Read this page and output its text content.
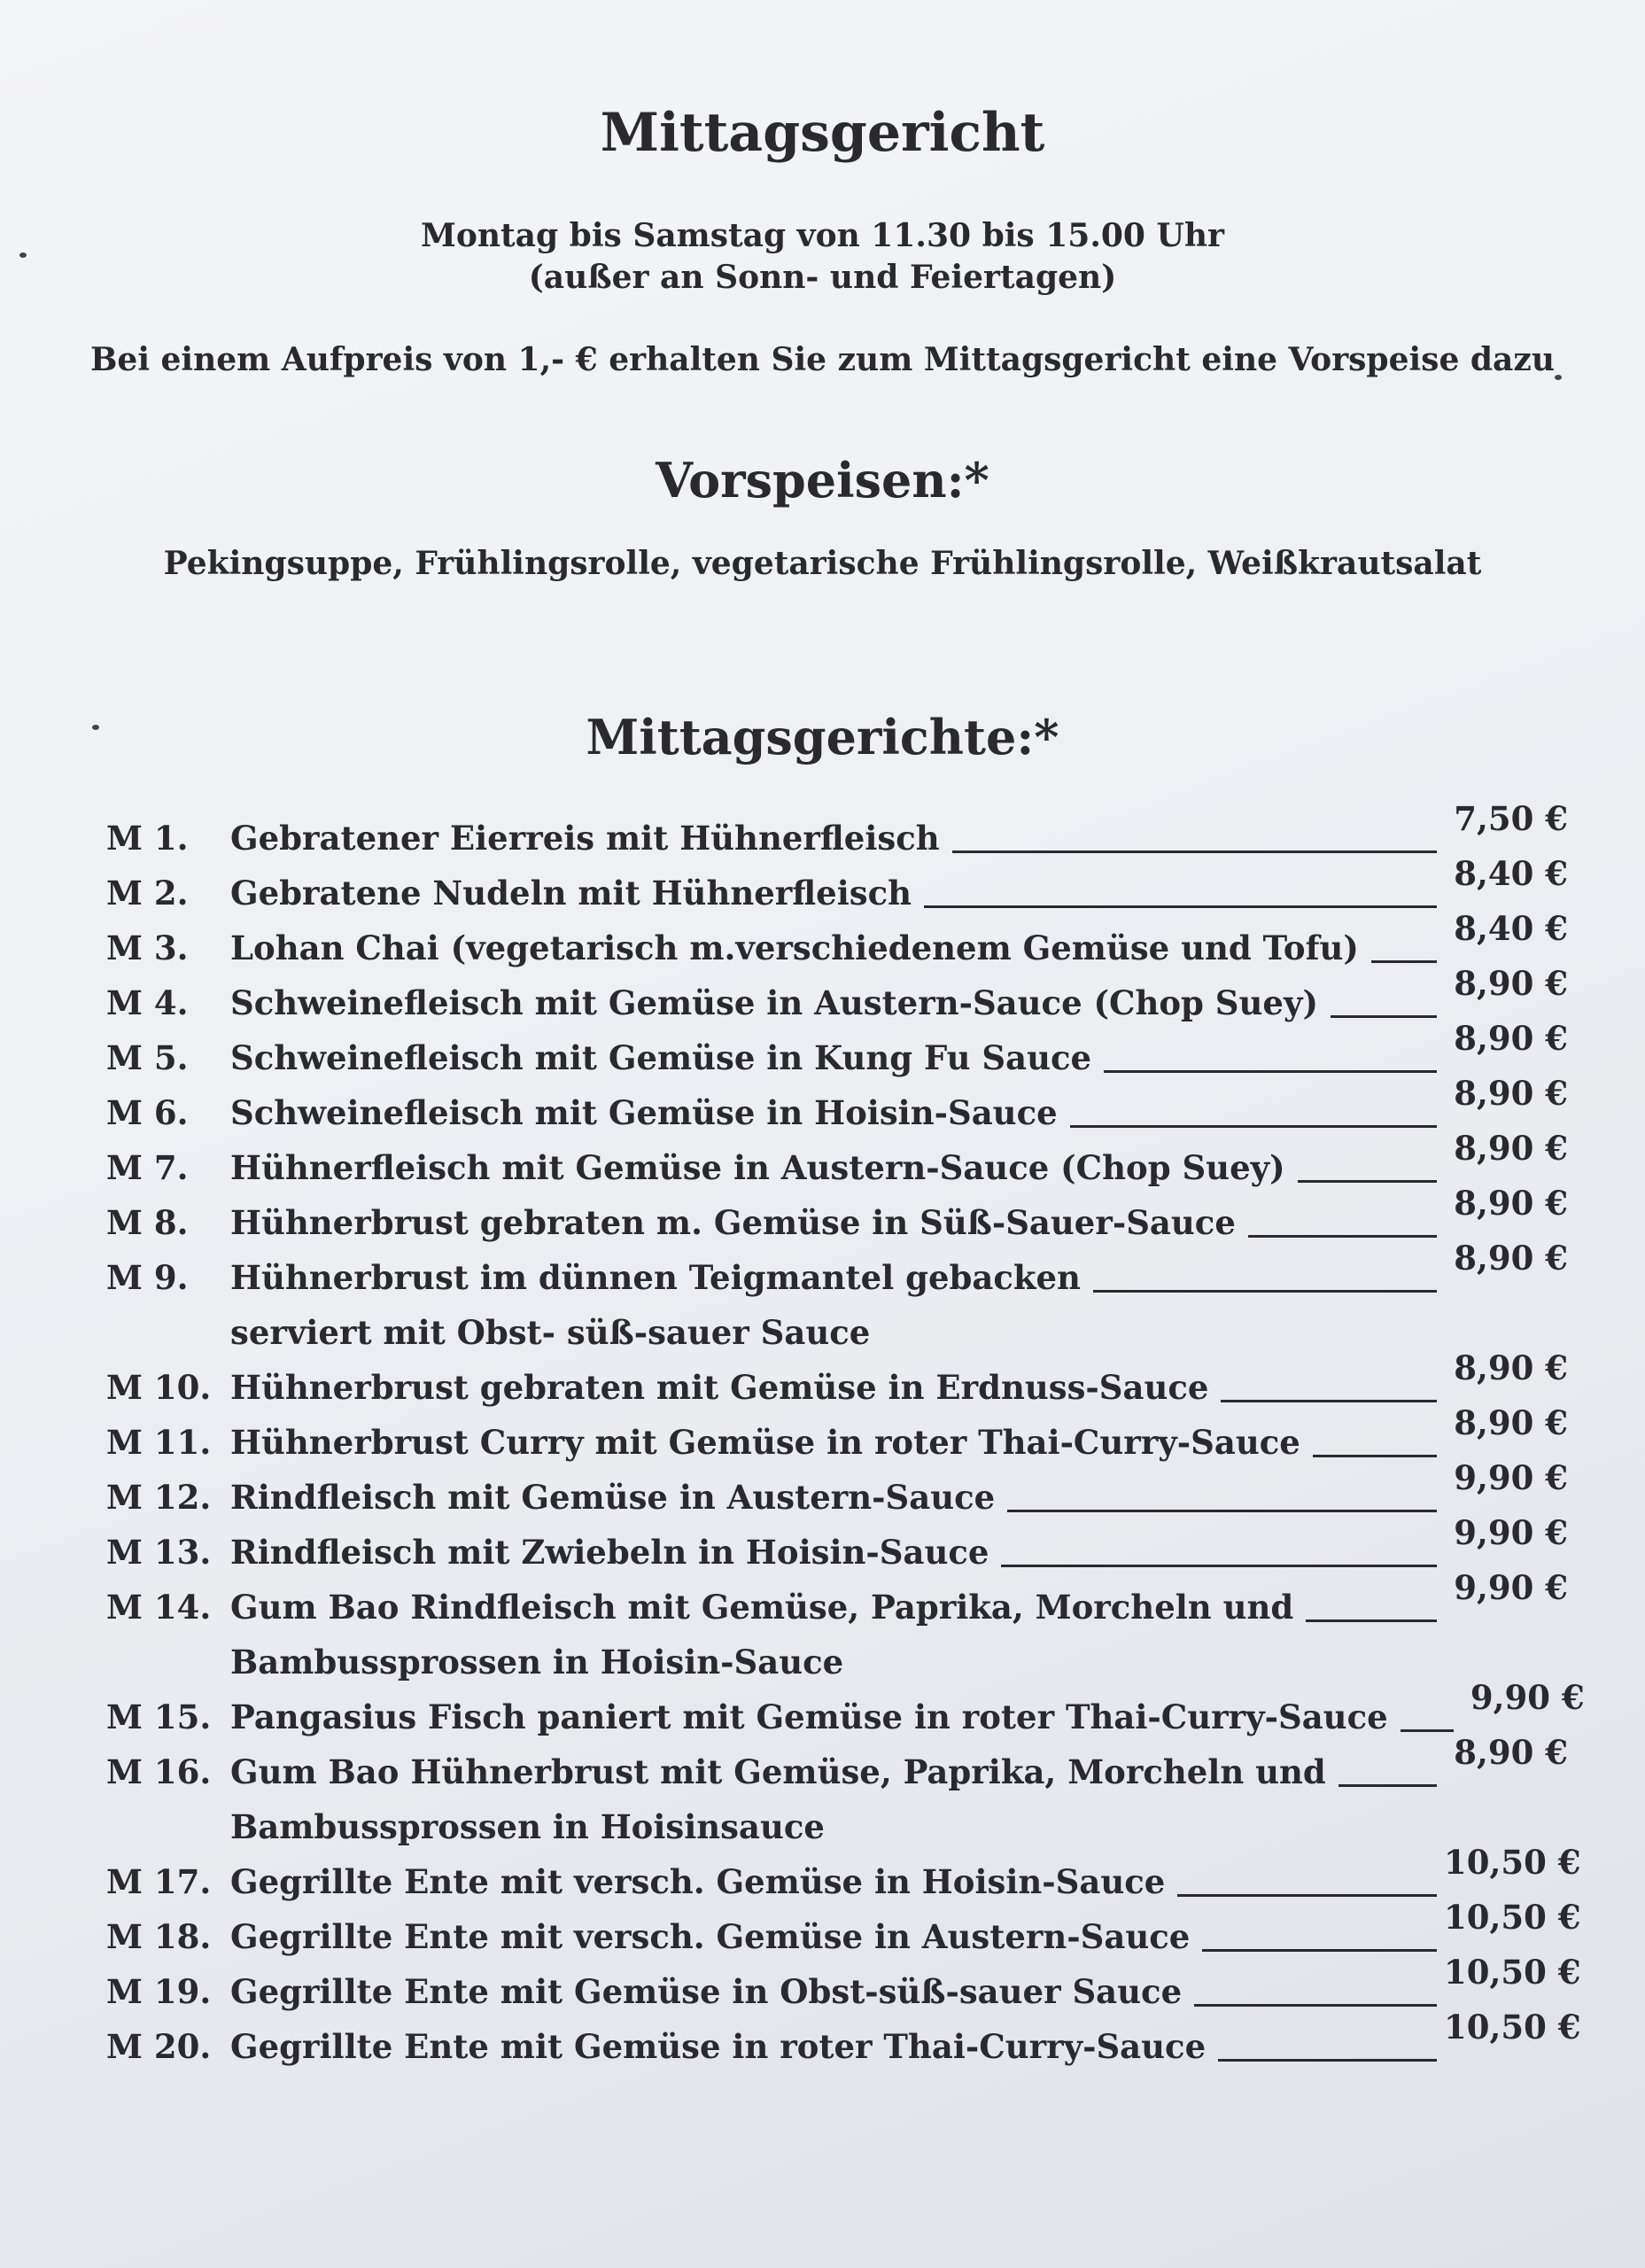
Mittagsgericht
Montag bis Samstag von 11.30 bis 15.00 Uhr
(außer an Sonn- und Feiertagen)
Bei einem Aufpreis von 1,- € erhalten Sie zum Mittagsgericht eine Vorspeise dazu
Vorspeisen:*
Pekingsuppe, Frühlingsrolle, vegetarische Frühlingsrolle, Weißkrautsalat
Mittagsgerichte:*
M 1.	Gebratener Eierreis mit Hühnerfleisch	7,50 €
M 2.	Gebratene Nudeln mit Hühnerfleisch	8,40 €
M 3.	Lohan Chai (vegetarisch m.verschiedenem Gemüse und Tofu)	8,40 €
M 4.	Schweinefleisch mit Gemüse in Austern-Sauce (Chop Suey)	8,90 €
M 5.	Schweinefleisch mit Gemüse in Kung Fu Sauce	8,90 €
M 6.	Schweinefleisch mit Gemüse in Hoisin-Sauce	8,90 €
M 7.	Hühnerfleisch mit Gemüse in Austern-Sauce (Chop Suey)	8,90 €
M 8.	Hühnerbrust gebraten m. Gemüse in Süß-Sauer-Sauce	8,90 €
M 9.	Hühnerbrust im dünnen Teigmantel gebacken	8,90 €
serviert mit Obst- süß-sauer Sauce
M 10. Hühnerbrust gebraten mit Gemüse in Erdnuss-Sauce	8,90 €
M 11. Hühnerbrust Curry mit Gemüse in roter Thai-Curry-Sauce	8,90 €
M 12. Rindfleisch mit Gemüse in Austern-Sauce	9,90 €
M 13. Rindfleisch mit Zwiebeln in Hoisin-Sauce	9,90 €
M 14. Gum Bao Rindfleisch mit Gemüse, Paprika, Morcheln und	9,90 €
Bambussprossen in Hoisin-Sauce
M 15. Pangasius Fisch paniert mit Gemüse in roter Thai-Curry-Sauce	9,90 €
M 16. Gum Bao Hühnerbrust mit Gemüse, Paprika, Morcheln und	8,90 €
Bambussprossen in Hoisinsauce
M 17. Gegrillte Ente mit versch. Gemüse in Hoisin-Sauce	10,50 €
M 18. Gegrillte Ente mit versch. Gemüse in Austern-Sauce	10,50 €
M 19. Gegrillte Ente mit Gemüse in Obst-süß-sauer Sauce	10,50 €
M 20. Gegrillte Ente mit Gemüse in roter Thai-Curry-Sauce	10,50 €
